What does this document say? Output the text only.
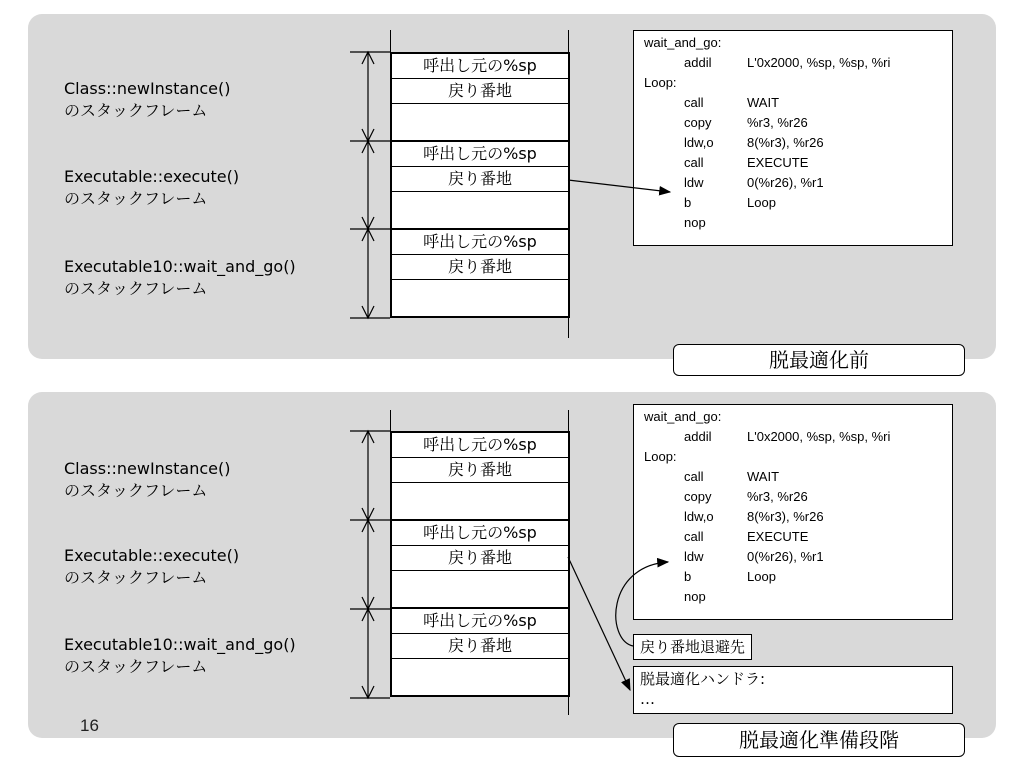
Class::newInstance()
のスタックフレーム
Executable::execute()
のスタックフレーム
Executable10::wait_and_go()
のスタックフレーム
呼出し元の%sp
戻り番地
呼出し元の%sp
戻り番地
呼出し元の%sp
戻り番地
wait_and_go:
addil	L'0x2000, %sp, %sp, %ri
Loop:
call	WAIT
copy	%r3, %r26
ldw,o	8(%r3), %r26
call	EXECUTE
ldw	0(%r26), %r1
b	Loop
nop
脱最適化前
Class::newInstance()
のスタックフレーム
Executable::execute()
のスタックフレーム
Executable10::wait_and_go()
のスタックフレーム
呼出し元の%sp
戻り番地
呼出し元の%sp
戻り番地
呼出し元の%sp
戻り番地
wait_and_go:
addil	L'0x2000, %sp, %sp, %ri
Loop:
call	WAIT
copy	%r3, %r26
ldw,o	8(%r3), %r26
call	EXECUTE
ldw	0(%r26), %r1
b	Loop
nop
戻り番地退避先
脱最適化ハンドラ:
…
脱最適化準備段階
16
